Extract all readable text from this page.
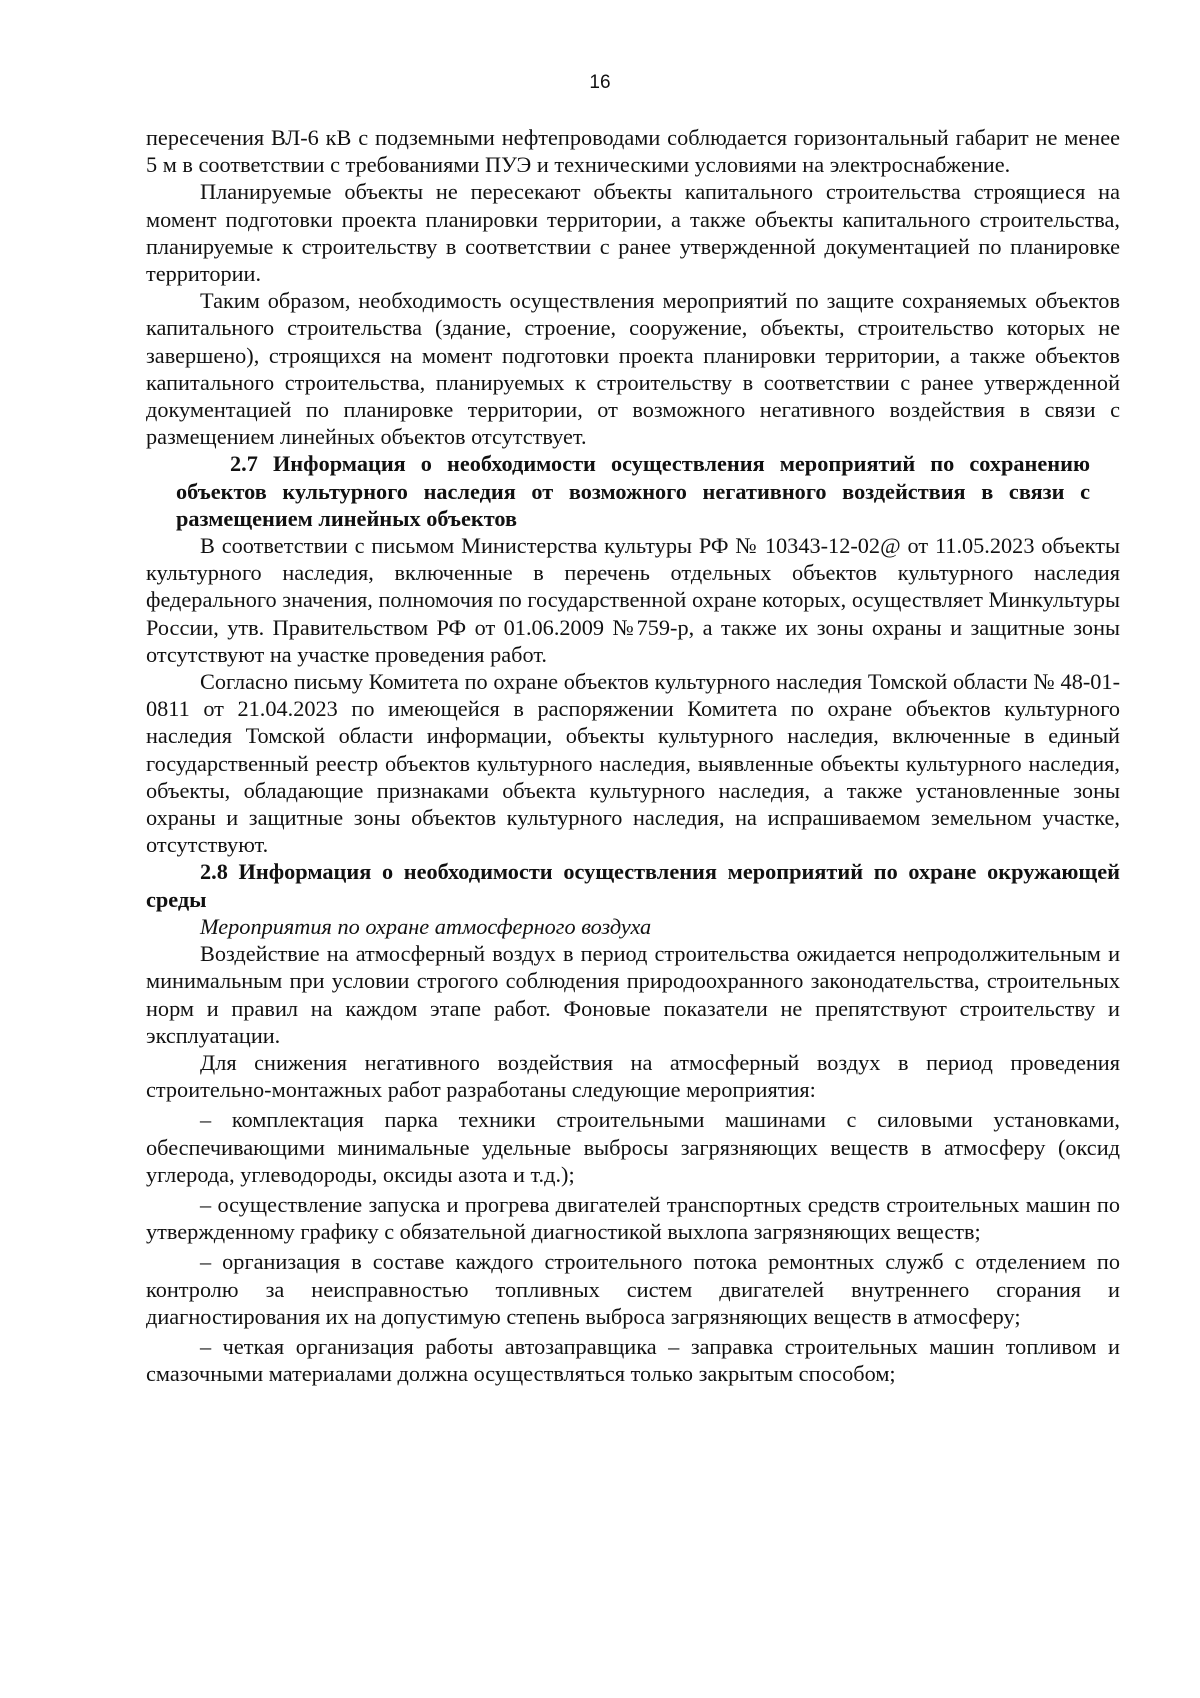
16

пересечения ВЛ-6 кВ с подземными нефтепроводами соблюдается горизонтальный габарит не менее 5 м в соответствии с требованиями ПУЭ и техническими условиями на электроснабжение.

Планируемые объекты не пересекают объекты капитального строительства строящиеся на момент подготовки проекта планировки территории, а также объекты капитального строительства, планируемые к строительству в соответствии с ранее утвержденной документацией по планировке территории.

Таким образом, необходимость осуществления мероприятий по защите сохраняемых объектов капитального строительства (здание, строение, сооружение, объекты, строительство которых не завершено), строящихся на момент подготовки проекта планировки территории, а также объектов капитального строительства, планируемых к строительству в соответствии с ранее утвержденной документацией по планировке территории, от возможного негативного воздействия в связи с размещением линейных объектов отсутствует.

2.7 Информация о необходимости осуществления мероприятий по сохранению объектов культурного наследия от возможного негативного воздействия в связи с размещением линейных объектов

В соответствии с письмом Министерства культуры РФ № 10343-12-02@ от 11.05.2023 объекты культурного наследия, включенные в перечень отдельных объектов культурного наследия федерального значения, полномочия по государственной охране которых, осуществляет Минкультуры России, утв. Правительством РФ от 01.06.2009 №759-р, а также их зоны охраны и защитные зоны отсутствуют на участке проведения работ.

Согласно письму Комитета по охране объектов культурного наследия Томской области № 48-01-0811 от 21.04.2023 по имеющейся в распоряжении Комитета по охране объектов культурного наследия Томской области информации, объекты культурного наследия, включенные в единый государственный реестр объектов культурного наследия, выявленные объекты культурного наследия, объекты, обладающие признаками объекта культурного наследия, а также установленные зоны охраны и защитные зоны объектов культурного наследия, на испрашиваемом земельном участке, отсутствуют.

2.8 Информация о необходимости осуществления мероприятий по охране окружающей среды

Мероприятия по охране атмосферного воздуха

Воздействие на атмосферный воздух в период строительства ожидается непродолжительным и минимальным при условии строгого соблюдения природоохранного законодательства, строительных норм и правил на каждом этапе работ. Фоновые показатели не препятствуют строительству и эксплуатации.

Для снижения негативного воздействия на атмосферный воздух в период проведения строительно-монтажных работ разработаны следующие мероприятия:

– комплектация парка техники строительными машинами с силовыми установками, обеспечивающими минимальные удельные выбросы загрязняющих веществ в атмосферу (оксид углерода, углеводороды, оксиды азота и т.д.);

– осуществление запуска и прогрева двигателей транспортных средств строительных машин по утвержденному графику с обязательной диагностикой выхлопа загрязняющих веществ;

– организация в составе каждого строительного потока ремонтных служб с отделением по контролю за неисправностью топливных систем двигателей внутреннего сгорания и диагностирования их на допустимую степень выброса загрязняющих веществ в атмосферу;

– четкая организация работы автозаправщика – заправка строительных машин топливом и смазочными материалами должна осуществляться только закрытым способом;
